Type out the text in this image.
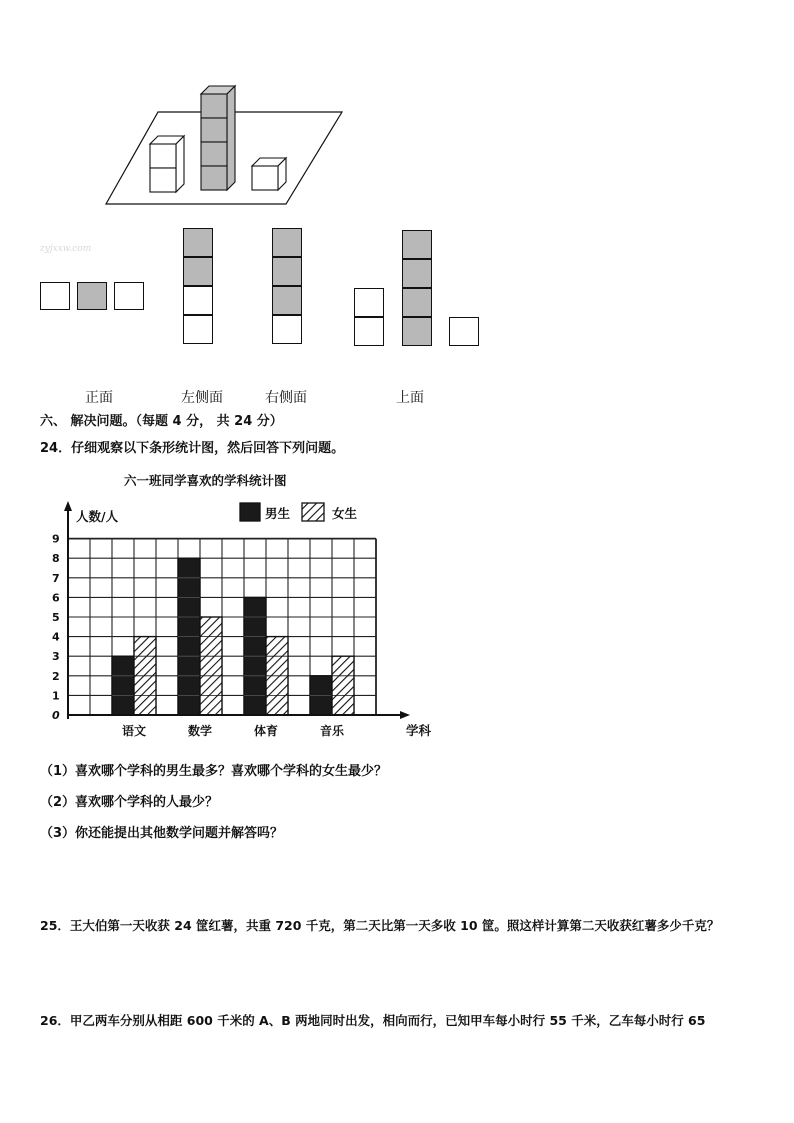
zyjxxw.com
正面	左侧面	右侧面	上面
六、 解决问题。（每题 4 分， 共 24 分）
24．仔细观察以下条形统计图，然后回答下列问题。
六一班同学喜欢的学科统计图
人数/人
学科
0
1
2
3
4
5
6
7
8
9
语文	数学	体育	音乐
男生	女生
（1）喜欢哪个学科的男生最多？喜欢哪个学科的女生最少？
（2）喜欢哪个学科的人最少？
（3）你还能提出其他数学问题并解答吗？
25．王大伯第一天收获 24 筐红薯，共重 720 千克，第二天比第一天多收 10 筐。照这样计算第二天收获红薯多少千克？
26．甲乙两车分别从相距 600 千米的 A、B 两地同时出发，相向而行，已知甲车每小时行 55 千米，乙车每小时行 65
